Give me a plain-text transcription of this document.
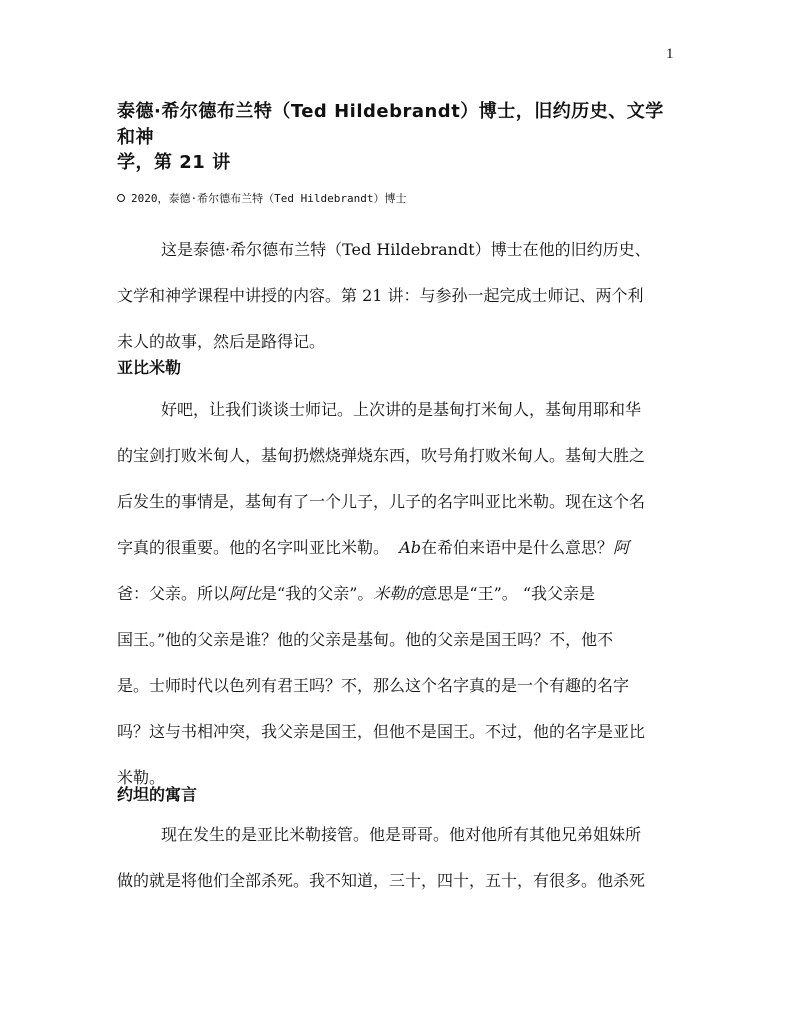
1
泰德·希尔德布兰特（Ted Hildebrandt）博士，旧约历史、文学和神
学，第 21 讲
2020，泰德·希尔德布兰特（Ted Hildebrandt）博士
这是泰德·希尔德布兰特（Ted Hildebrandt）博士在他的旧约历史、
文学和神学课程中讲授的内容。第 21 讲：与参孙一起完成士师记、两个利
未人的故事，然后是路得记。
亚比米勒
好吧，让我们谈谈士师记。上次讲的是基甸打米甸人，基甸用耶和华
的宝剑打败米甸人，基甸扔燃烧弹烧东西，吹号角打败米甸人。基甸大胜之
后发生的事情是，基甸有了一个儿子，儿子的名字叫亚比米勒。现在这个名
字真的很重要。他的名字叫亚比米勒。 Ab在希伯来语中是什么意思？阿
爸：父亲。所以阿比是“我的父亲”。米勒的意思是“王”。 “我父亲是
国王。”他的父亲是谁？他的父亲是基甸。他的父亲是国王吗？不，他不
是。士师时代以色列有君王吗？不，那么这个名字真的是一个有趣的名字
吗？这与书相冲突，我父亲是国王，但他不是国王。不过，他的名字是亚比
米勒。
约坦的寓言
现在发生的是亚比米勒接管。他是哥哥。他对他所有其他兄弟姐妹所
做的就是将他们全部杀死。我不知道，三十，四十，五十，有很多。他杀死
